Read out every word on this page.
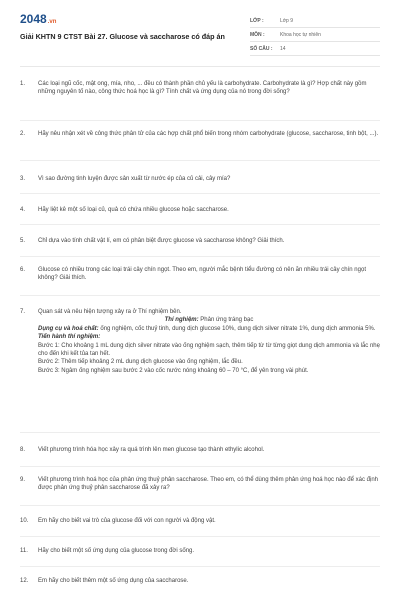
2048.vn
Giải KHTN 9 CTST Bài 27. Glucose và saccharose có đáp án
LỚP :	Lớp 9
MÔN :	Khoa học tự nhiên
SỐ CÂU :	14
1.	Các loại ngũ cốc, mật ong, mía, nho, ... đều có thành phần chủ yếu là carbohydrate. Carbohydrate là gì? Hợp chất này gồm những nguyên tố nào, công thức hoá học là gì? Tính chất và ứng dụng của nó trong đời sống?
2.	Hãy nêu nhận xét về công thức phân tử của các hợp chất phổ biến trong nhóm carbohydrate (glucose, saccharose, tinh bột, ...).
3.	Vì sao đường tinh luyện được sản xuất từ nước ép của củ cải, cây mía?
4.	Hãy liệt kê một số loại củ, quả có chứa nhiều glucose hoặc saccharose.
5.	Chỉ dựa vào tính chất vật lí, em có phân biệt được glucose và saccharose không? Giải thích.
6.	Glucose có nhiều trong các loại trái cây chín ngọt. Theo em, người mắc bệnh tiểu đường có nên ăn nhiều trái cây chín ngọt không? Giải thích.
7.	Quan sát và nêu hiện tượng xảy ra ở Thí nghiệm bên.
Thí nghiệm: Phản ứng tráng bạc
Dụng cụ và hoá chất: ống nghiệm, cốc thuỷ tinh, dung dịch glucose 10%, dung dịch silver nitrate 1%, dung dịch ammonia 5%.
Tiến hành thí nghiệm:
Bước 1: Cho khoảng 1 mL dung dịch silver nitrate vào ống nghiệm sạch, thêm tiếp từ từ từng giọt dung dịch ammonia và lắc nhẹ cho đến khi kết tủa tan hết.
Bước 2: Thêm tiếp khoảng 2 mL dung dịch glucose vào ống nghiệm, lắc đều.
Bước 3: Ngâm ống nghiệm sau bước 2 vào cốc nước nóng khoảng 60 – 70 °C, để yên trong vài phút.
8.	Viết phương trình hóa học xảy ra quá trình lên men glucose tạo thành ethylic alcohol.
9.	Viết phương trình hoá học của phản ứng thuỷ phân saccharose. Theo em, có thể dùng thêm phản ứng hoá học nào để xác định được phản ứng thuỷ phân saccharose đã xảy ra?
10.	Em hãy cho biết vai trò của glucose đối với con người và động vật.
11.	Hãy cho biết một số ứng dụng của glucose trong đời sống.
12.	Em hãy cho biết thêm một số ứng dụng của saccharose.
